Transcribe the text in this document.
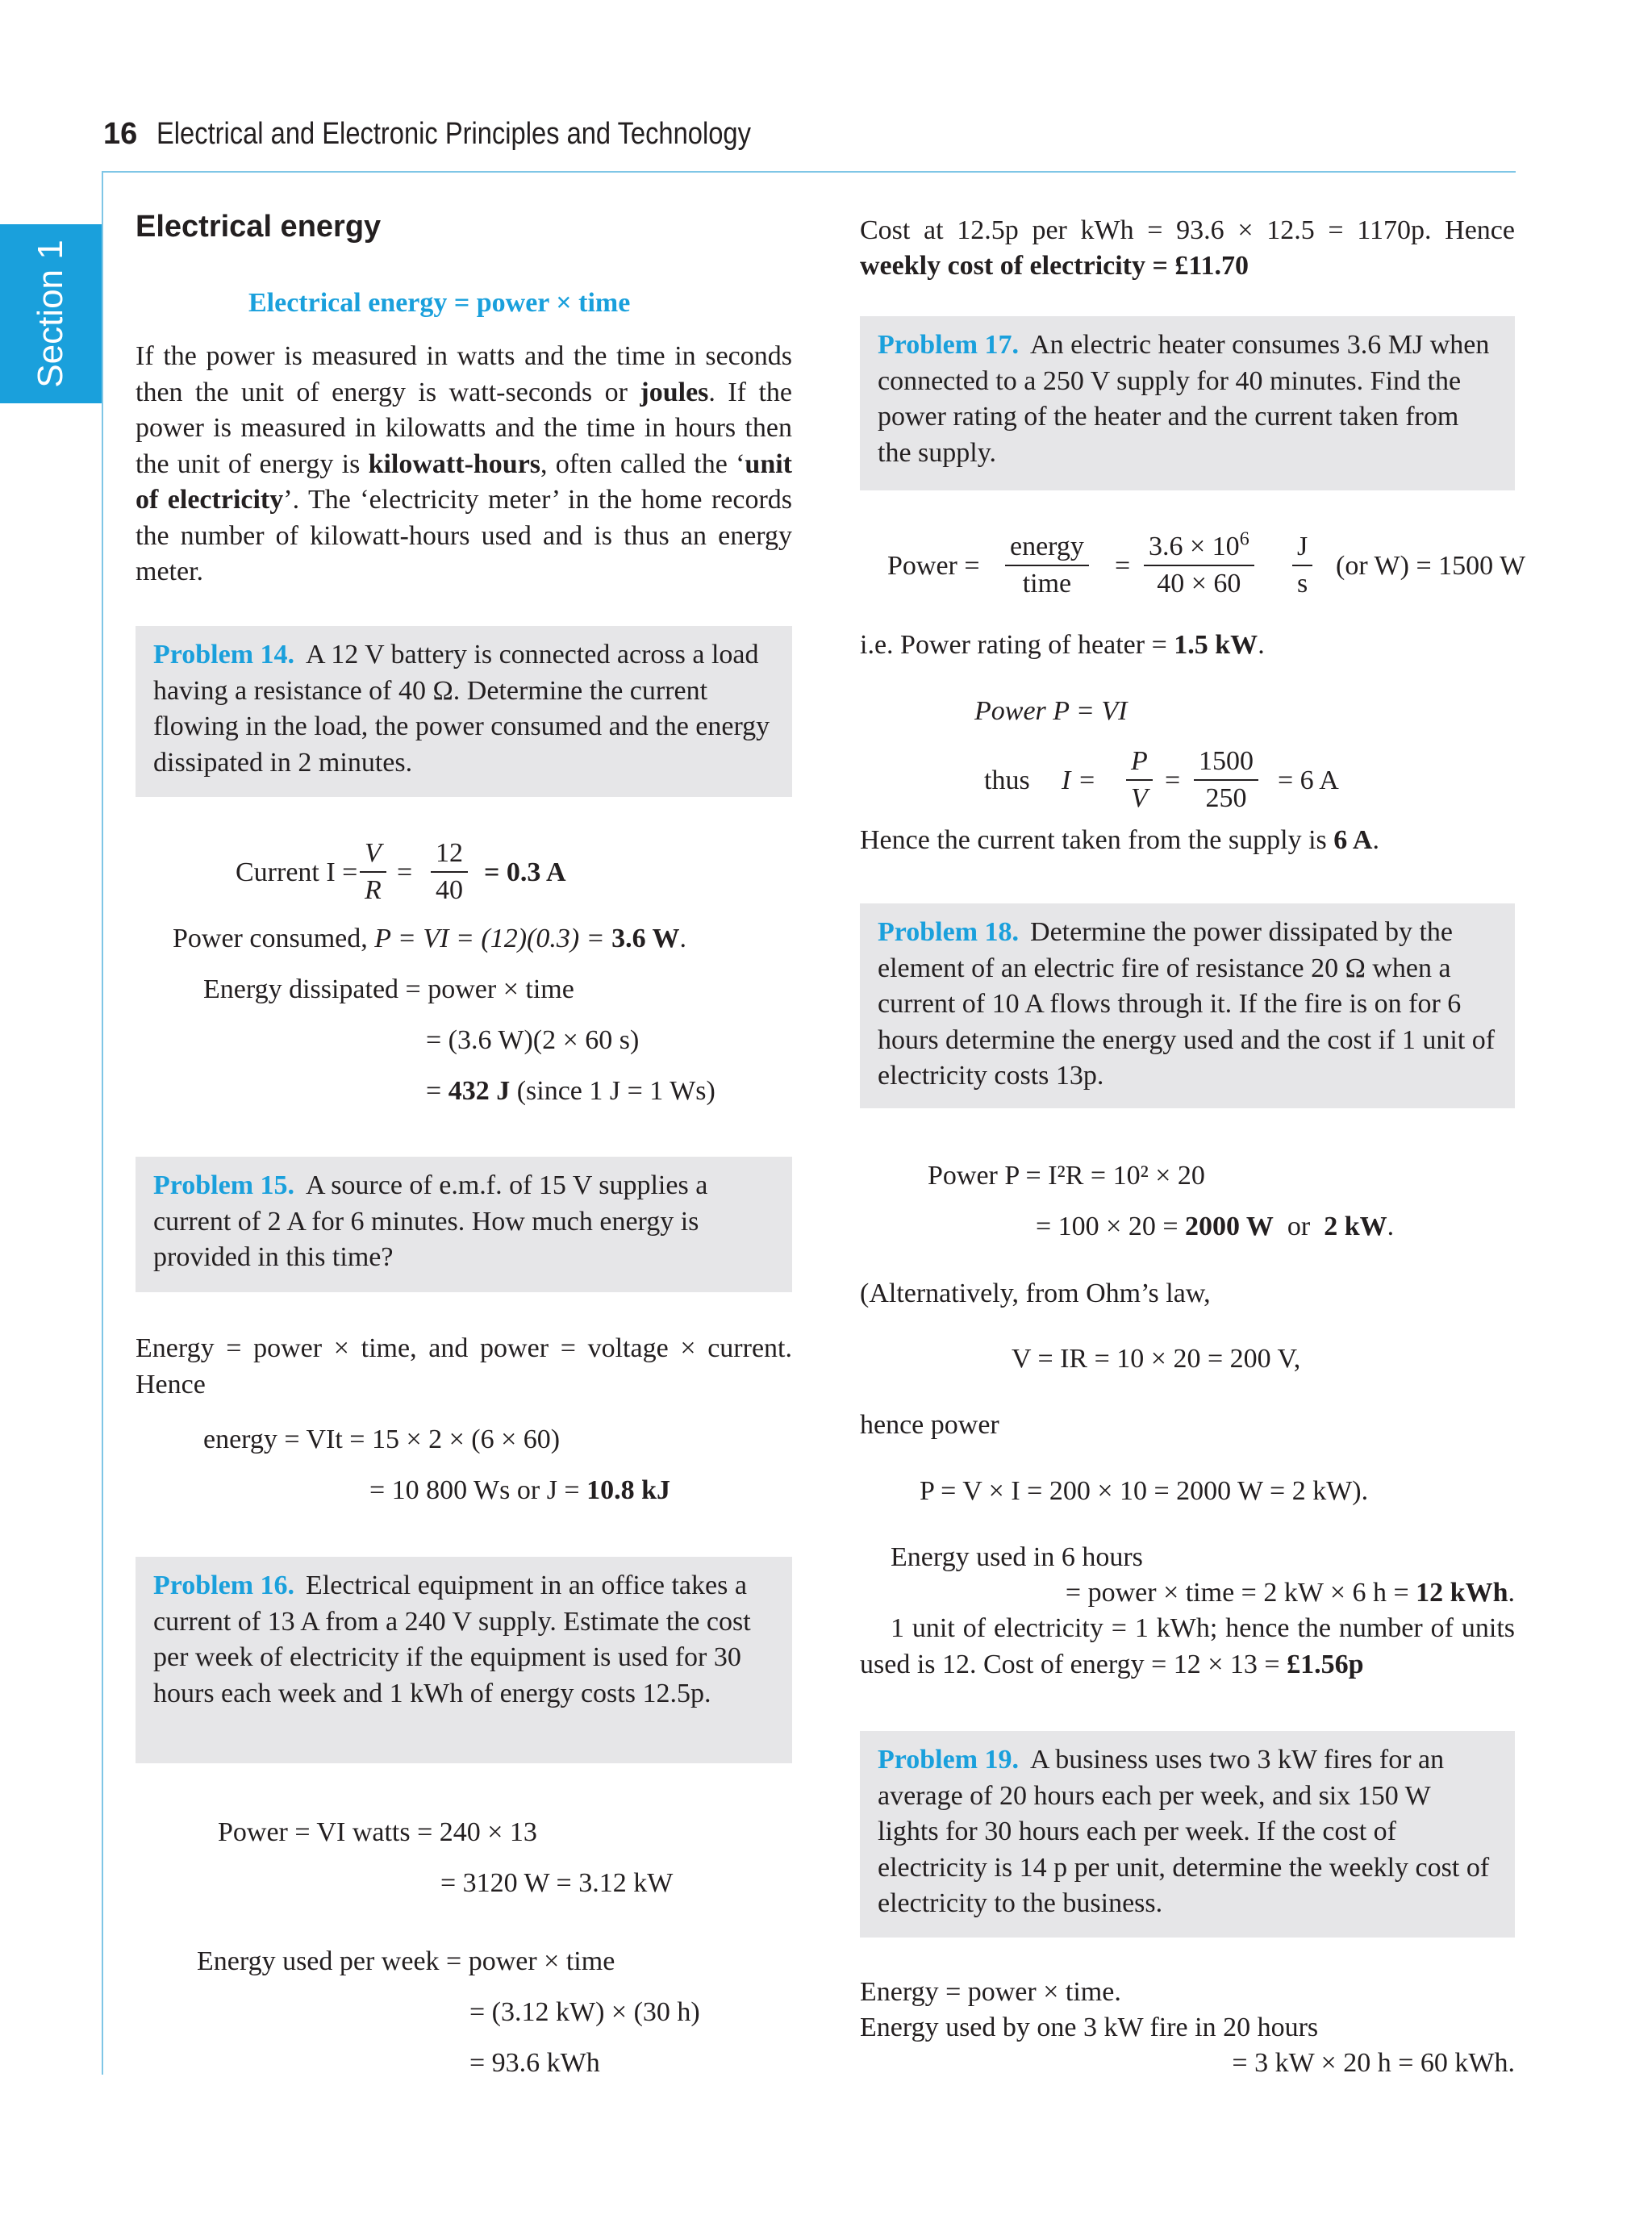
16 Electrical and Electronic Principles and Technology
Section 1
Electrical energy
Electrical energy = power × time

If the power is measured in watts and the time in seconds then the unit of energy is watt-seconds or joules. If the power is measured in kilowatts and the time in hours then the unit of energy is kilowatt-hours, often called the ‘unit of electricity’. The ‘electricity meter’ in the home records the number of kilowatt-hours used and is thus an energy meter.

Problem 14. A 12 V battery is connected across a load having a resistance of 40 Ω. Determine the current flowing in the load, the power consumed and the energy dissipated in 2 minutes.
Current $I = \frac{V}{R} = \frac{12}{40} = 0.3$ A
Power consumed, P = VI = (12)(0.3) = 3.6 W.
Energy dissipated = power × time
= (3.6 W)(2 × 60 s)
= 432 J (since 1 J = 1 Ws)
Problem 15. A source of e.m.f. of 15 V supplies a current of 2 A for 6 minutes. How much energy is provided in this time?

Energy = power × time, and power = voltage × current. Hence

energy = VIt = 15 × 2 × (6 × 60)
= 10 800 Ws or J = 10.8 kJ
Problem 16. Electrical equipment in an office takes a current of 13 A from a 240 V supply. Estimate the cost per week of electricity if the equipment is used for 30 hours each week and 1 kWh of energy costs 12.5p.
Power = VI watts = 240 × 13
= 3120 W = 3.12 kW
Energy used per week = power × time
= (3.12 kW) × (30 h)
= 93.6 kWh

Cost at 12.5p per kWh = 93.6 × 12.5 = 1170p. Hence

weekly cost of electricity = £11.70
Problem 17. An electric heater consumes 3.6 MJ when connected to a 250 V supply for 40 minutes. Find the power rating of the heater and the current taken from the supply.
Power =
energy
time
= $\frac{3.6 \times 10^6}{40 \times 60} \frac{J}{s} (or$ W) = 1500 W
i.e. Power rating of heater = 1.5 kW.
Power P = VI
thus $I = \frac{P}{V} = \frac{1500}{250} = 6$ A
Hence the current taken from the supply is 6 A.
Problem 18. Determine the power dissipated by the element of an electric fire of resistance 20 Ω when a current of 10 A flows through it. If the fire is on for 6 hours determine the energy used and the cost if 1 unit of electricity costs 13p.
Power P = I²R = 10² × 20
= 100 × 20 = 2000 W or 2 kW.
(Alternatively, from Ohm’s law,
V = IR = 10 × 20 = 200 V,
hence power
P = V × I = 200 × 10 = 2000 W = 2 kW).
Energy used in 6 hours
= power × time = 2 kW × 6 h = 12 kWh.

1 unit of electricity = 1 kWh; hence the number of units used is 12. Cost of energy = 12 × 13 = £1.56p

Problem 19. A business uses two 3 kW fires for an average of 20 hours each per week, and six 150 W lights for 30 hours each per week. If the cost of electricity is 14 p per unit, determine the weekly cost of electricity to the business.
Energy = power × time.
Energy used by one 3 kW fire in 20 hours
= 3 kW × 20 h = 60 kWh.
